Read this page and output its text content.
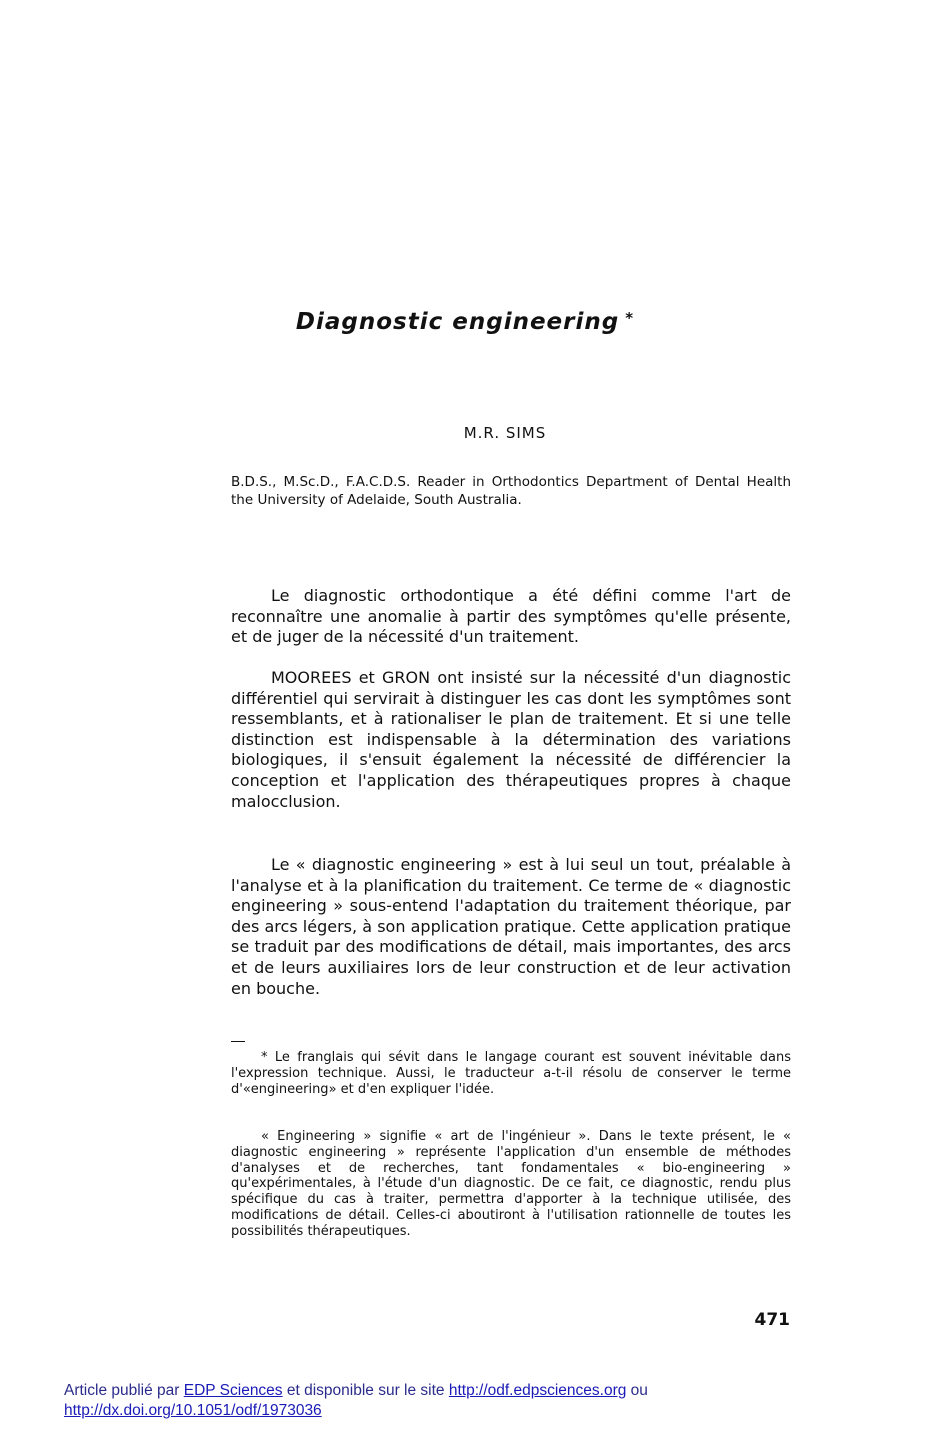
Diagnostic engineering *
M.R. SIMS
B.D.S., M.Sc.D., F.A.C.D.S. Reader in Orthodontics Department of Dental Health the University of Adelaide, South Australia.

Le diagnostic orthodontique a été défini comme l'art de reconnaître une anomalie à partir des symptômes qu'elle présente, et de juger de la nécessité d'un traitement.

MOOREES et GRON ont insisté sur la nécessité d'un diagnostic différentiel qui servirait à distinguer les cas dont les symptômes sont ressemblants, et à rationaliser le plan de traitement. Et si une telle distinction est indispensable à la détermination des variations biologiques, il s'ensuit également la nécessité de différencier la conception et l'application des thérapeutiques propres à chaque malocclusion.

Le « diagnostic engineering » est à lui seul un tout, préalable à l'analyse et à la planification du traitement. Ce terme de « diagnostic engineering » sous-entend l'adaptation du traitement théorique, par des arcs légers, à son application pratique. Cette application pratique se traduit par des modifications de détail, mais importantes, des arcs et de leurs auxiliaires lors de leur construction et de leur activation en bouche.

* Le franglais qui sévit dans le langage courant est souvent inévitable dans l'expression technique. Aussi, le traducteur a-t-il résolu de conserver le terme d'«engineering» et d'en expliquer l'idée.

« Engineering » signifie « art de l'ingénieur ». Dans le texte présent, le « diagnostic engineering » représente l'application d'un ensemble de méthodes d'analyses et de recherches, tant fondamentales « bio-engineering » qu'expérimentales, à l'étude d'un diagnostic. De ce fait, ce diagnostic, rendu plus spécifique du cas à traiter, permettra d'apporter à la technique utilisée, des modifications de détail. Celles-ci aboutiront à l'utilisation rationnelle de toutes les possibilités thérapeutiques.

471
Article publié par EDP Sciences et disponible sur le site http://odf.edpsciences.org ou
http://dx.doi.org/10.1051/odf/1973036
